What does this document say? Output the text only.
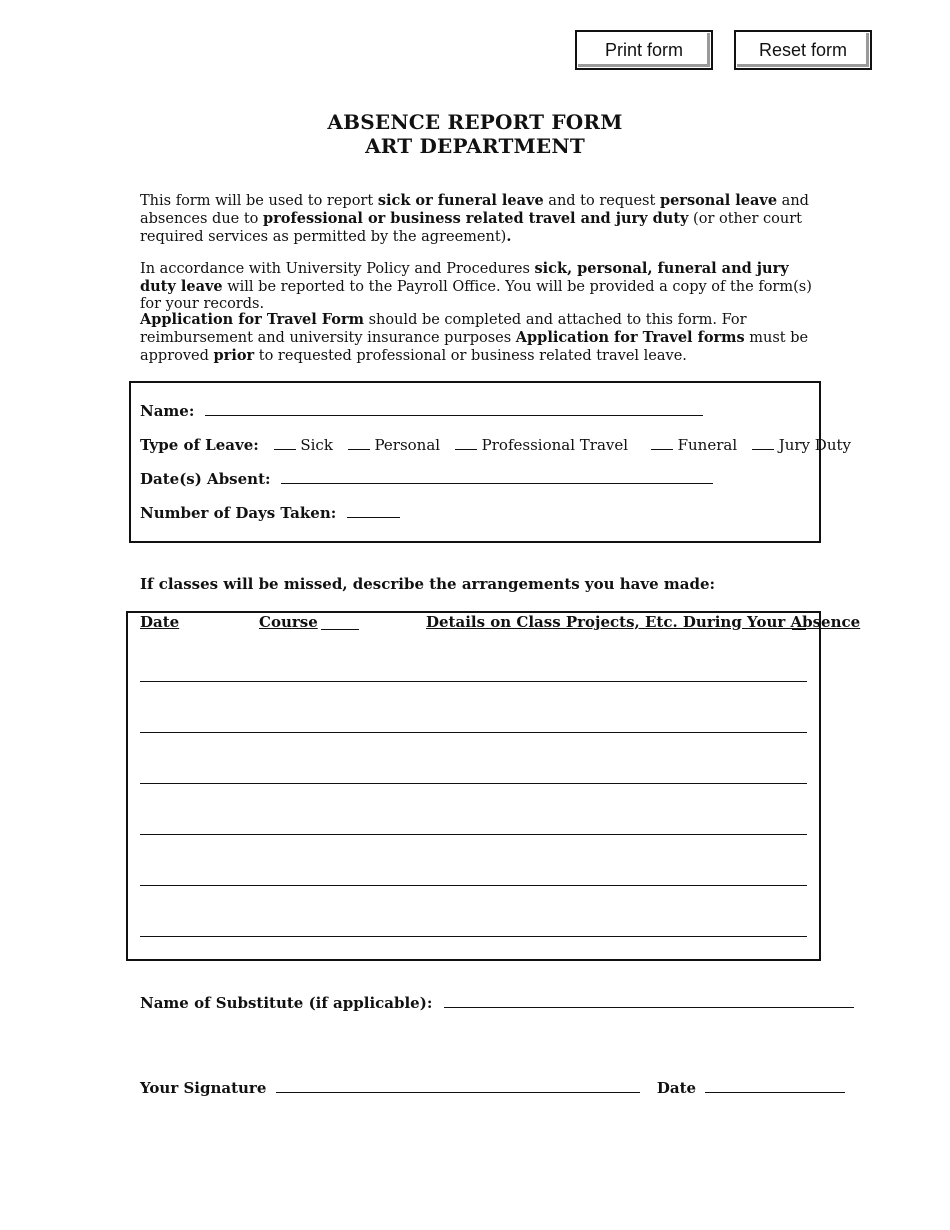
Print form	Reset form
ABSENCE REPORT FORM
ART DEPARTMENT
This form will be used to report sick or funeral leave and to request personal leave and absences due to professional or business related travel and jury duty (or other court required services as permitted by the agreement).
In accordance with University Policy and Procedures sick, personal, funeral and jury duty leave will be reported to the Payroll Office. You will be provided a copy of the form(s) for your records.
Application for Travel Form should be completed and attached to this form. For reimbursement and university insurance purposes Application for Travel forms must be approved prior to requested professional or business related travel leave.
Name:
Type of Leave:	Sick	Personal	Professional Travel	Funeral	Jury Duty
Date(s) Absent:
Number of Days Taken:
If classes will be missed, describe the arrangements you have made:
Date	Course	Details on Class Projects, Etc. During Your Absence
Name of Substitute (if applicable):
Your Signature	Date
